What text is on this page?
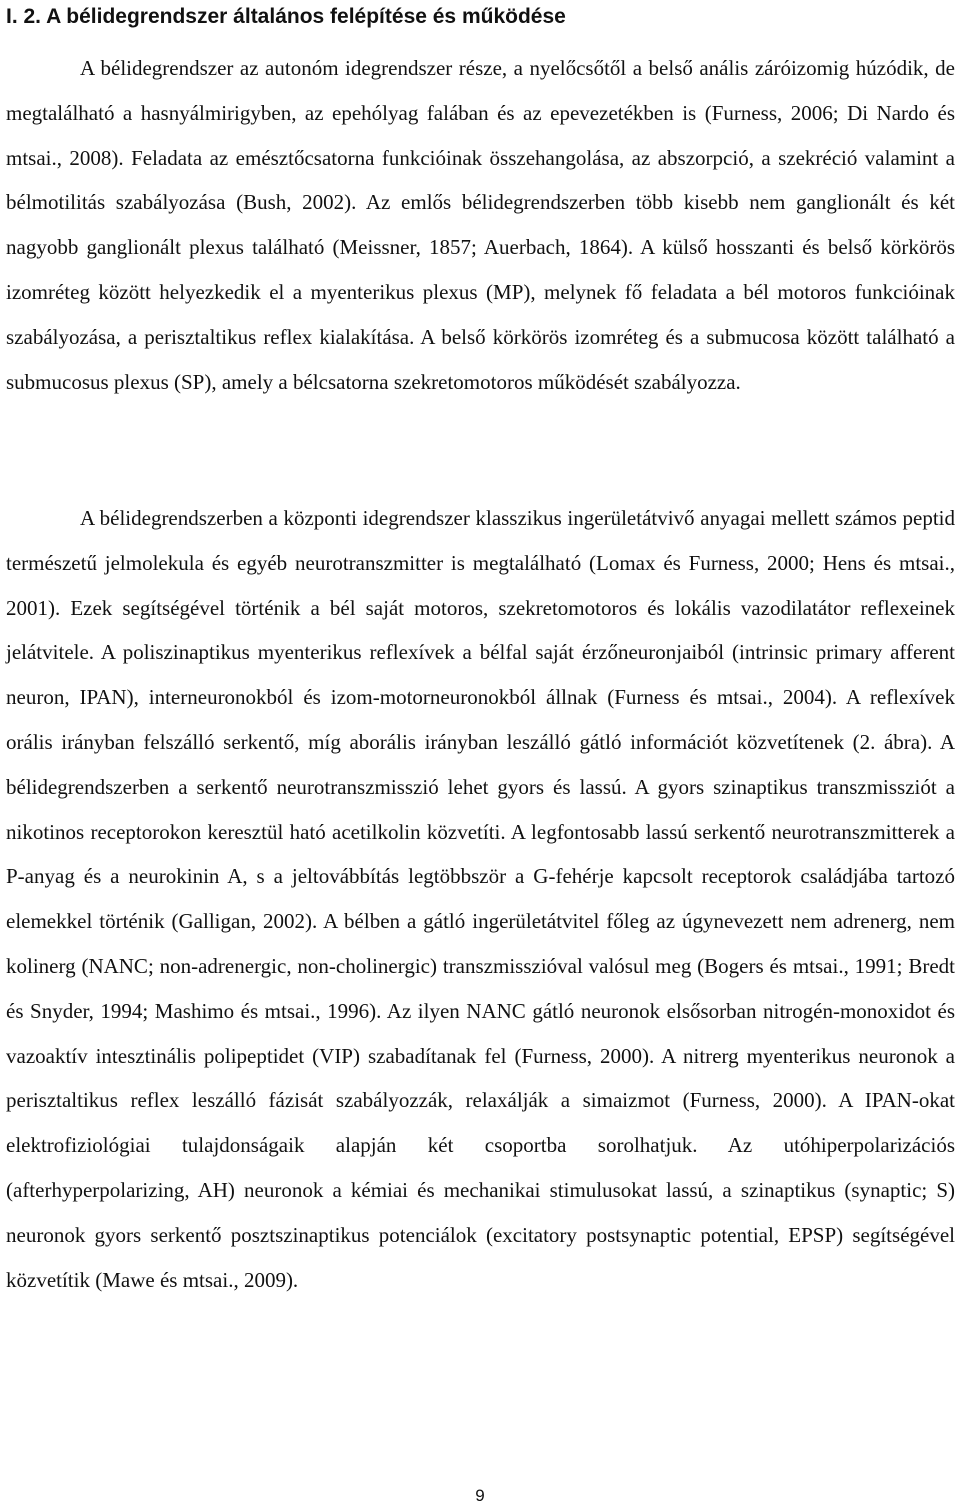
I. 2. A bélidegrendszer általános felépítése és működése

A bélidegrendszer az autonóm idegrendszer része, a nyelőcsőtől a belső anális záróizomig húzódik, de megtalálható a hasnyálmirigyben, az epehólyag falában és az epevezetékben is (Furness, 2006; Di Nardo és mtsai., 2008). Feladata az emésztőcsatorna funkcióinak összehangolása, az abszorpció, a szekréció valamint a bélmotilitás szabályozása (Bush, 2002). Az emlős bélidegrendszerben több kisebb nem ganglionált és két nagyobb ganglionált plexus található (Meissner, 1857; Auerbach, 1864). A külső hosszanti és belső körkörös izomréteg között helyezkedik el a myenterikus plexus (MP), melynek fő feladata a bél motoros funkcióinak szabályozása, a perisztaltikus reflex kialakítása. A belső körkörös izomréteg és a submucosa között található a submucosus plexus (SP), amely a bélcsatorna szekretomotoros működését szabályozza.

A bélidegrendszerben a központi idegrendszer klasszikus ingerületátvivő anyagai mellett számos peptid természetű jelmolekula és egyéb neurotranszmitter is megtalálható (Lomax és Furness, 2000; Hens és mtsai., 2001). Ezek segítségével történik a bél saját motoros, szekretomotoros és lokális vazodilatátor reflexeinek jelátvitele. A poliszinaptikus myenterikus reflexívek a bélfal saját érzőneuronjaiból (intrinsic primary afferent neuron, IPAN), interneuronokból és izom-motorneuronokból állnak (Furness és mtsai., 2004). A reflexívek orális irányban felszálló serkentő, míg aborális irányban leszálló gátló információt közvetítenek (2. ábra). A bélidegrendszerben a serkentő neurotranszmisszió lehet gyors és lassú. A gyors szinaptikus transzmissziót a nikotinos receptorokon keresztül ható acetilkolin közvetíti. A legfontosabb lassú serkentő neurotranszmitterek a P-anyag és a neurokinin A, s a jeltovábbítás legtöbbször a G-fehérje kapcsolt receptorok családjába tartozó elemekkel történik (Galligan, 2002). A bélben a gátló ingerületátvitel főleg az úgynevezett nem adrenerg, nem kolinerg (NANC; non-adrenergic, non-cholinergic) transzmisszióval valósul meg (Bogers és mtsai., 1991; Bredt és Snyder, 1994; Mashimo és mtsai., 1996). Az ilyen NANC gátló neuronok elsősorban nitrogén-monoxidot és vazoaktív intesztinális polipeptidet (VIP) szabadítanak fel (Furness, 2000). A nitrerg myenterikus neuronok a perisztaltikus reflex leszálló fázisát szabályozzák, relaxálják a simaizmot (Furness, 2000). A IPAN-okat elektrofiziológiai tulajdonságaik alapján két csoportba sorolhatjuk. Az utóhiperpolarizációs (afterhyperpolarizing, AH) neuronok a kémiai és mechanikai stimulusokat lassú, a szinaptikus (synaptic; S) neuronok gyors serkentő posztszinaptikus potenciálok (excitatory postsynaptic potential, EPSP) segítségével közvetítik (Mawe és mtsai., 2009).

9
